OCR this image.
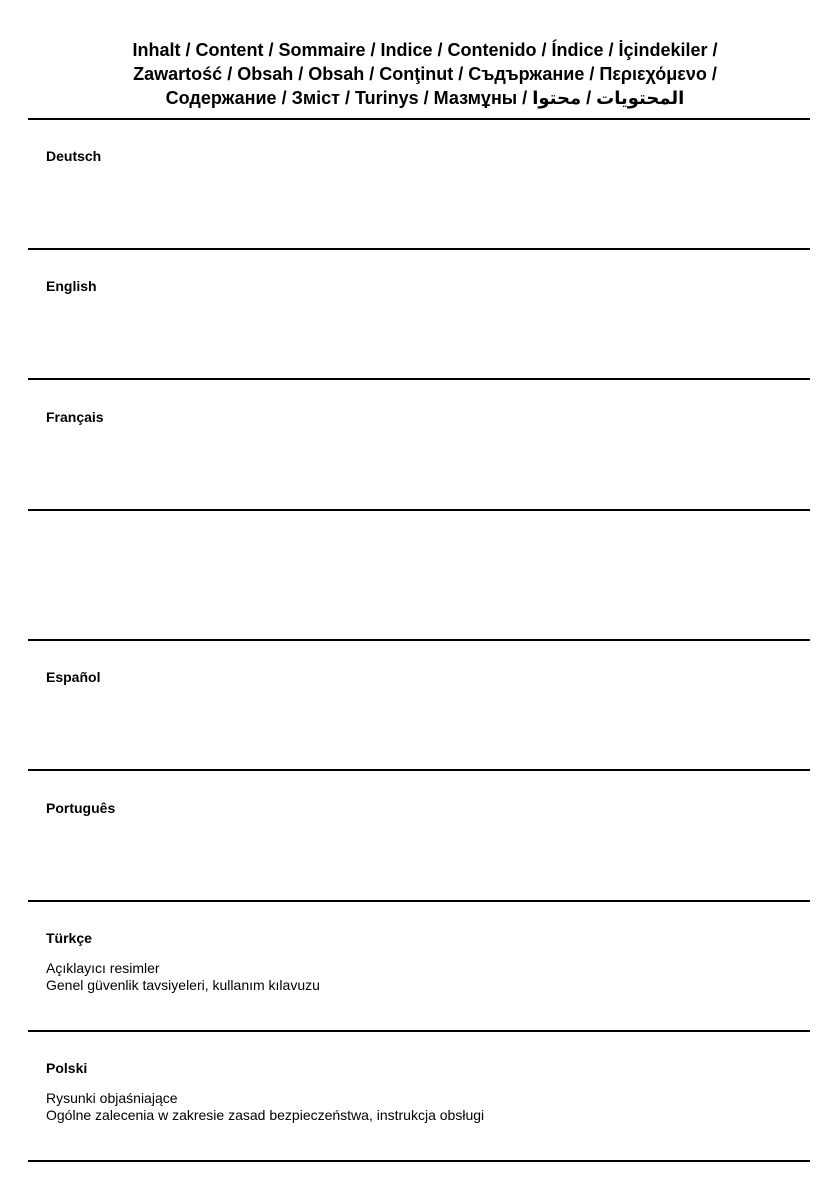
Inhalt / Content / Sommaire / Indice / Contenido / Índice / İçindekiler /
Zawartość / Obsah / Obsah / Conţinut / Съдържание / Περιεχόμενο /
Содержание / Зміст / Turinys / Мазмұны / المحتويات / محتوا
Deutsch
English
Français
Español
Português
Türkçe
Açıklayıcı resimler
Genel güvenlik tavsiyeleri, kullanım kılavuzu
Polski
Rysunki objaśniające
Ogólne zalecenia w zakresie zasad bezpieczeństwa, instrukcja obsługi
